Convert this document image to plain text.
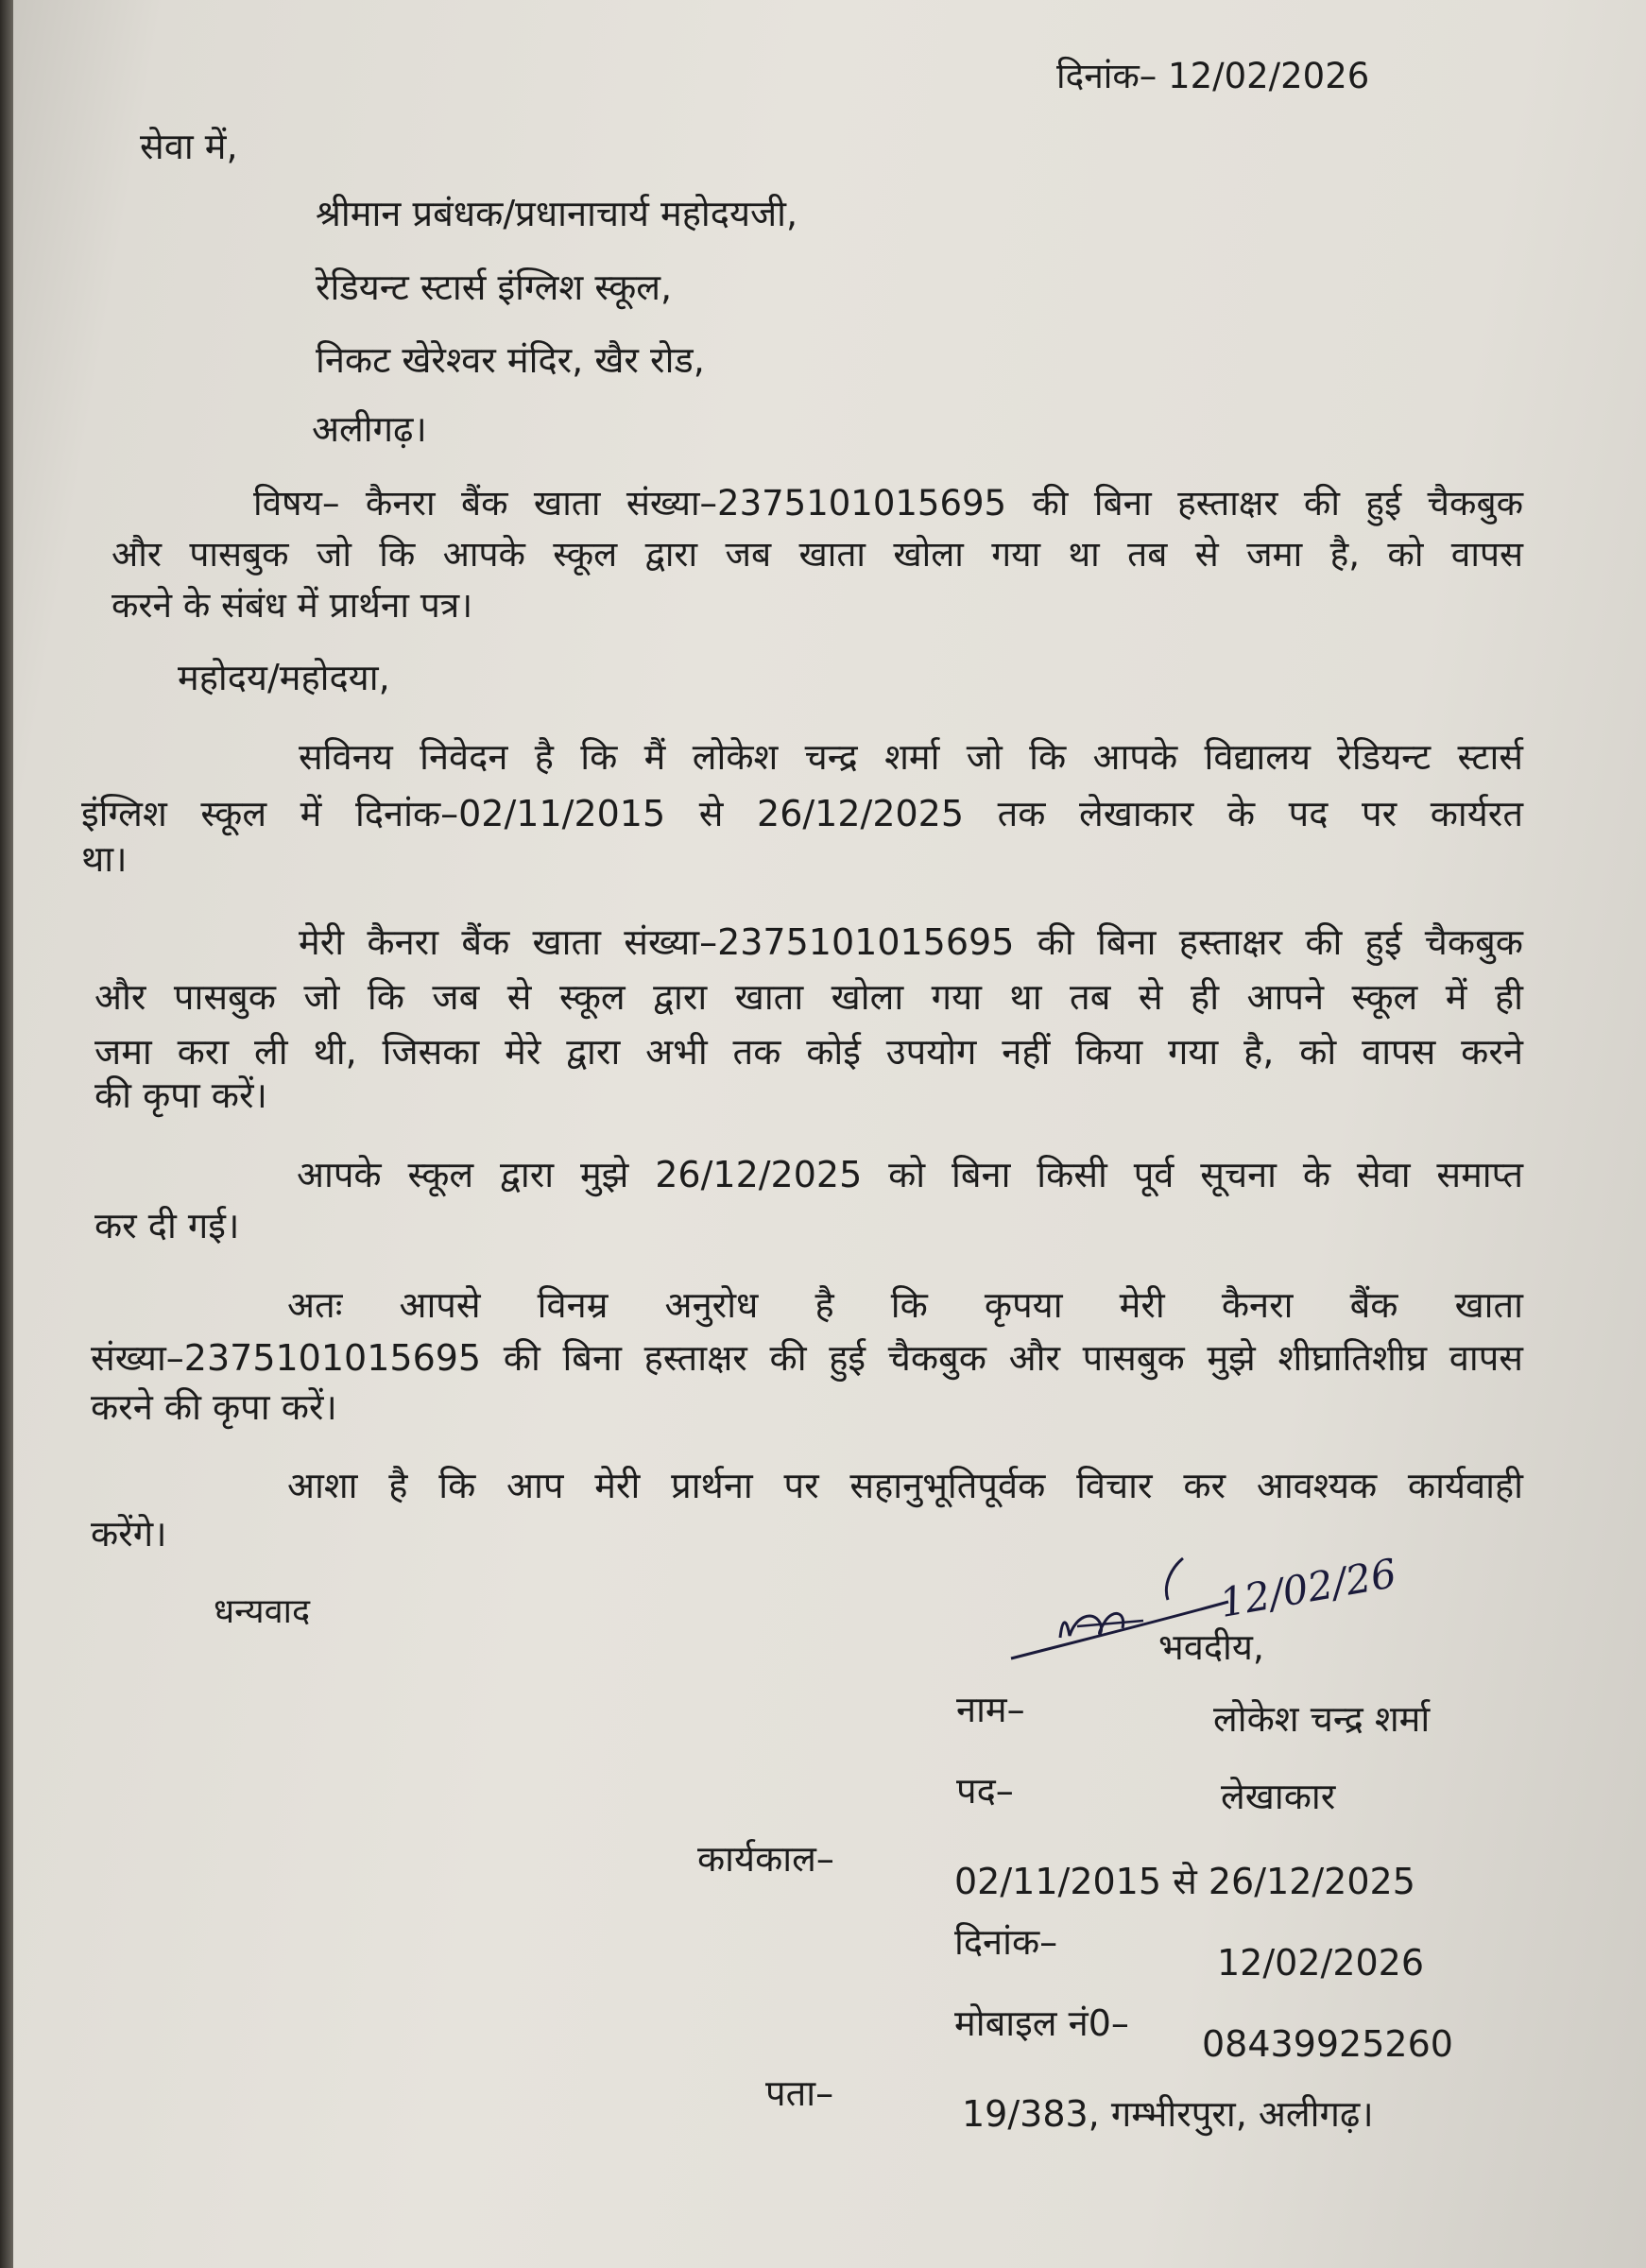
दिनांक– 12/02/2026
सेवा में,
श्रीमान प्रबंधक/प्रधानाचार्य महोदयजी,
रेडियन्ट स्टार्स इंग्लिश स्कूल,
निकट खेरेश्वर मंदिर, खैर रोड,
अलीगढ़।
विषय– कैनरा बैंक खाता संख्या–2375101015695 की बिना हस्ताक्षर की हुई चैकबुक
और पासबुक जो कि आपके स्कूल द्वारा जब खाता खोला गया था तब से जमा है, को वापस
करने के संबंध में प्रार्थना पत्र।
महोदय/महोदया,
सविनय निवेदन है कि मैं लोकेश चन्द्र शर्मा जो कि आपके विद्यालय रेडियन्ट स्टार्स
इंग्लिश स्कूल में दिनांक–02/11/2015 से 26/12/2025 तक लेखाकार के पद पर कार्यरत
था।
मेरी कैनरा बैंक खाता संख्या–2375101015695 की बिना हस्ताक्षर की हुई चैकबुक
और पासबुक जो कि जब से स्कूल द्वारा खाता खोला गया था तब से ही आपने स्कूल में ही
जमा करा ली थी, जिसका मेरे द्वारा अभी तक कोई उपयोग नहीं किया गया है, को वापस करने
की कृपा करें।
आपके स्कूल द्वारा मुझे 26/12/2025 को बिना किसी पूर्व सूचना के सेवा समाप्त
कर दी गई।
अतः आपसे विनम्र अनुरोध है कि कृपया मेरी कैनरा बैंक खाता
संख्या–2375101015695 की बिना हस्ताक्षर की हुई चैकबुक और पासबुक मुझे शीघ्रातिशीघ्र वापस
करने की कृपा करें।
आशा है कि आप मेरी प्रार्थना पर सहानुभूतिपूर्वक विचार कर आवश्यक कार्यवाही
करेंगे।
धन्यवाद	12/02/26
भवदीय,
नाम–	लोकेश चन्द्र शर्मा
पद–	लेखाकार
कार्यकाल–
02/11/2015 से 26/12/2025
दिनांक–	12/02/2026
मोबाइल नं0– 08439925260
पता–	19/383, गम्भीरपुरा, अलीगढ़।
